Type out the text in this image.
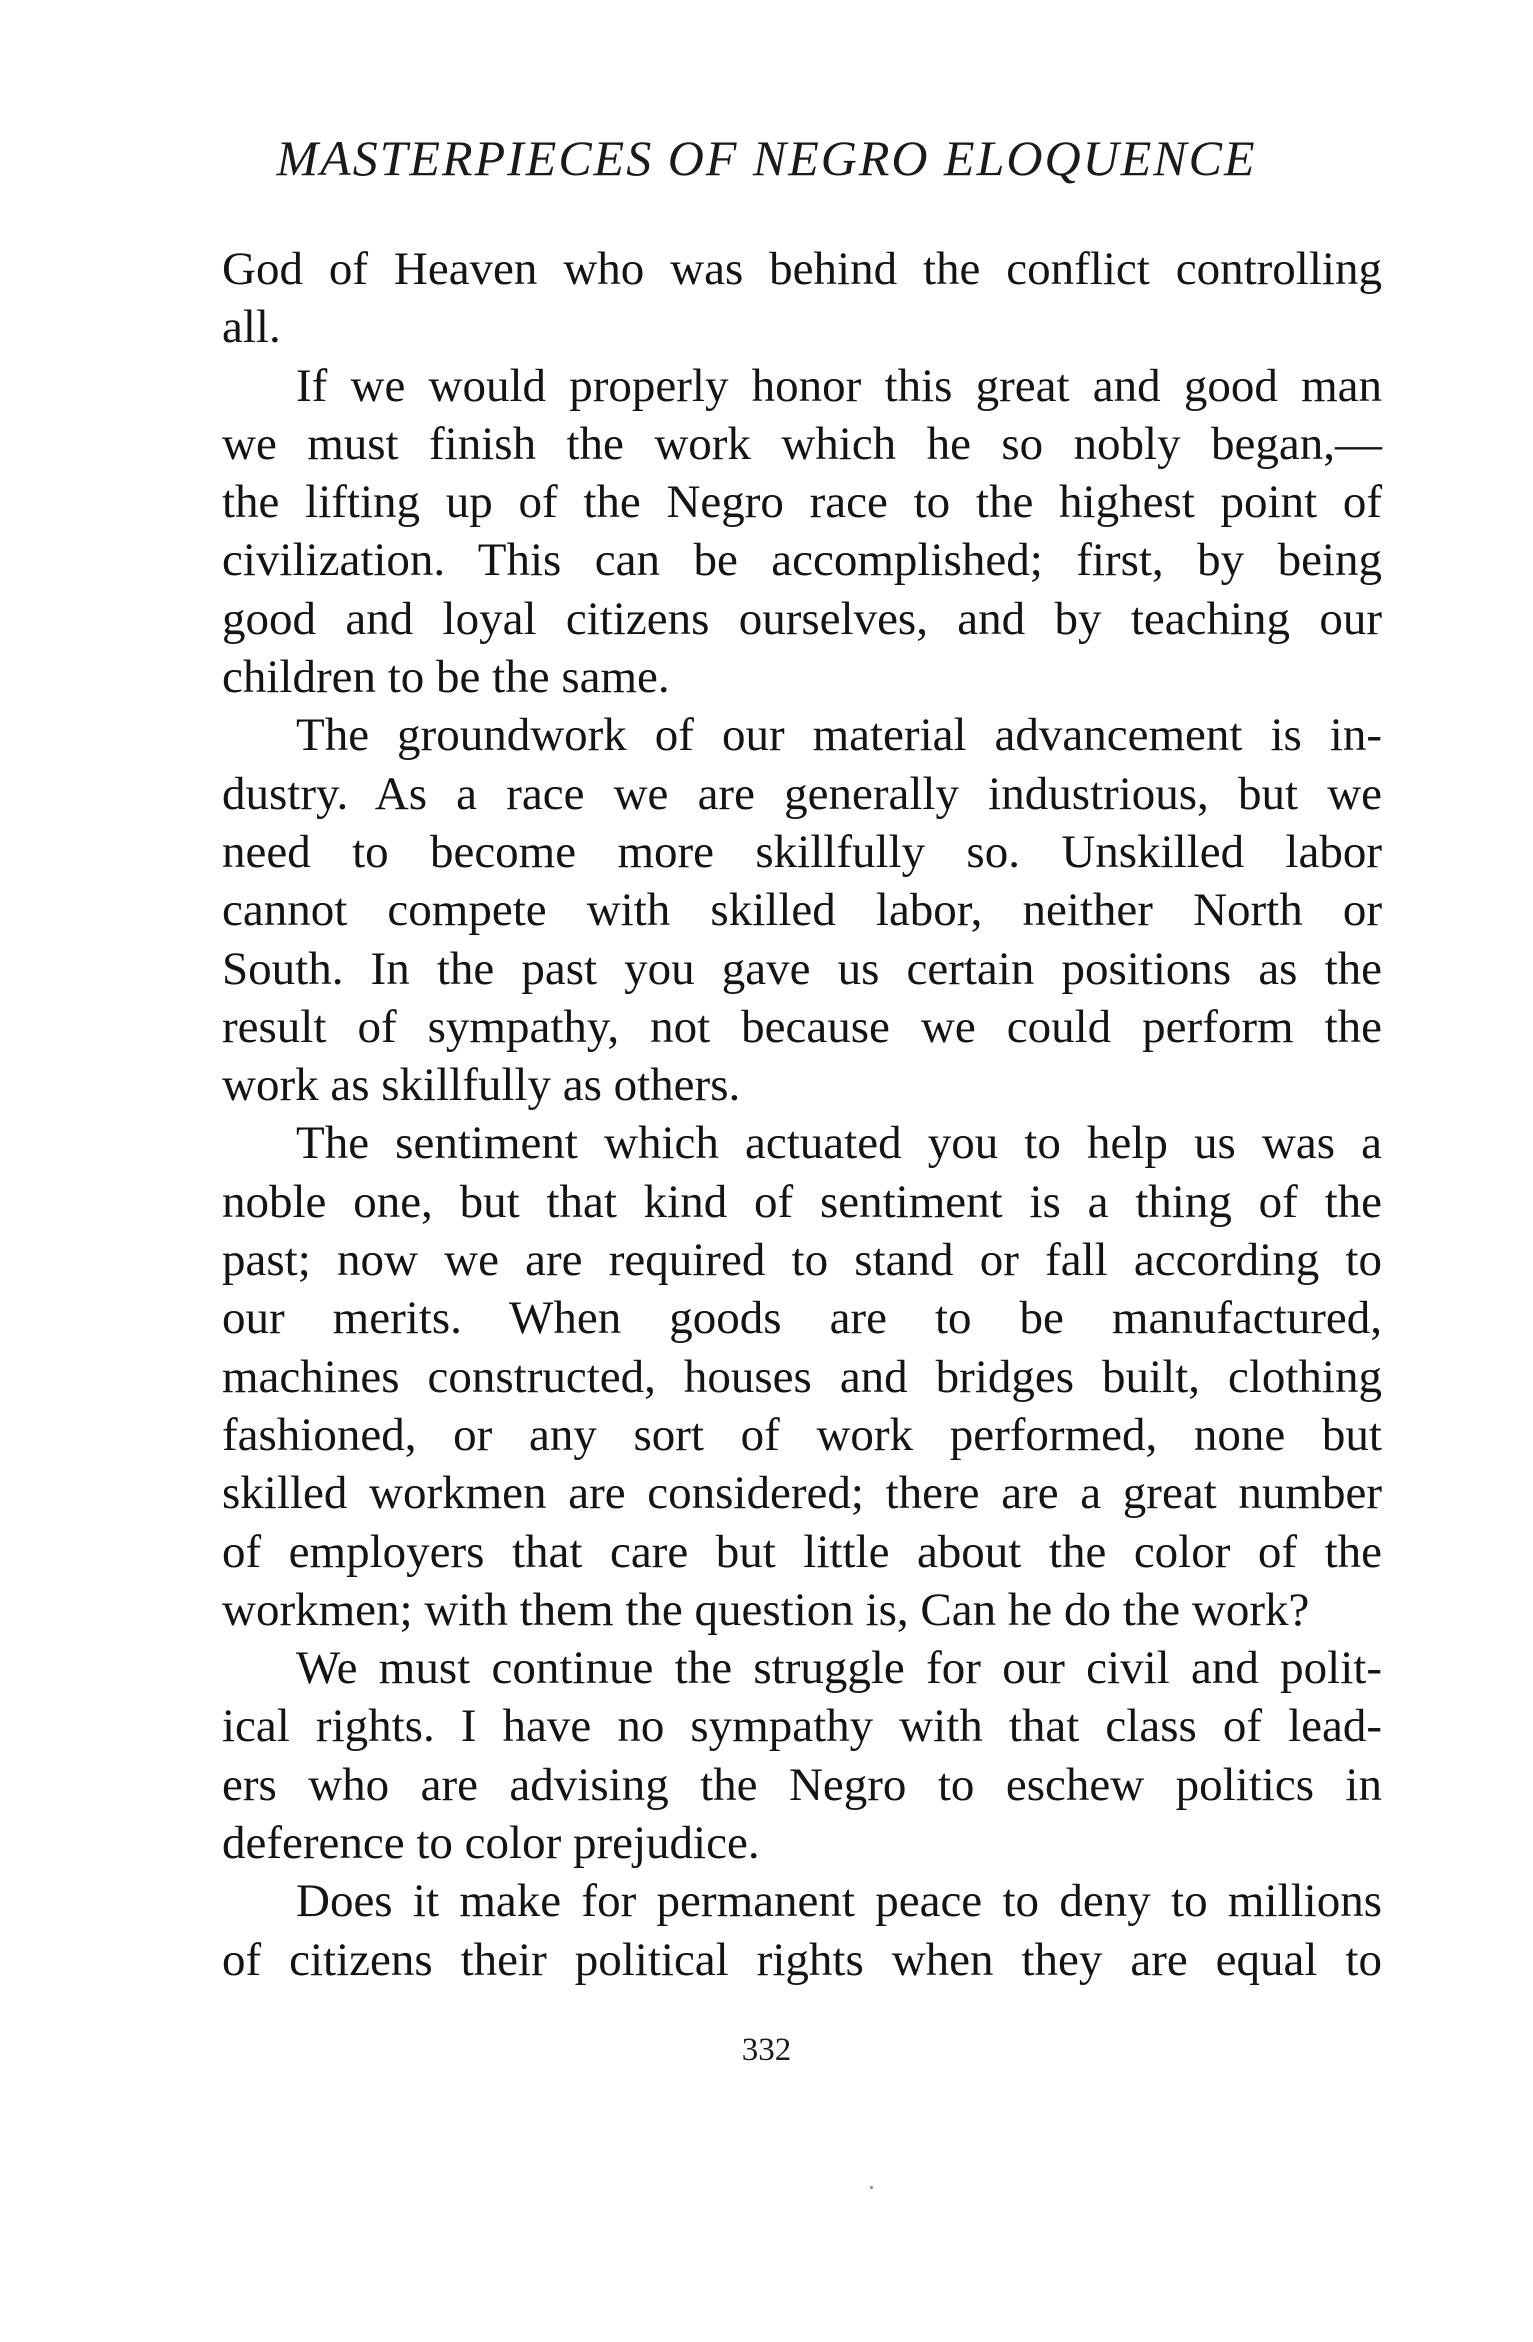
MASTERPIECES OF NEGRO ELOQUENCE

God of Heaven who was behind the conflict controlling
all.

If we would properly honor this great and good man
we must finish the work which he so nobly began,—
the lifting up of the Negro race to the highest point of
civilization. This can be accomplished; first, by being
good and loyal citizens ourselves, and by teaching our
children to be the same.

The groundwork of our material advancement is in-
dustry. As a race we are generally industrious, but we
need to become more skillfully so. Unskilled labor
cannot compete with skilled labor, neither North or
South. In the past you gave us certain positions as the
result of sympathy, not because we could perform the
work as skillfully as others.

The sentiment which actuated you to help us was a
noble one, but that kind of sentiment is a thing of the
past; now we are required to stand or fall according to
our merits. When goods are to be manufactured,
machines constructed, houses and bridges built, clothing
fashioned, or any sort of work performed, none but
skilled workmen are considered; there are a great number
of employers that care but little about the color of the
workmen; with them the question is, Can he do the work?

We must continue the struggle for our civil and polit-
ical rights. I have no sympathy with that class of lead-
ers who are advising the Negro to eschew politics in
deference to color prejudice.

Does it make for permanent peace to deny to millions
of citizens their political rights when they are equal to

332
